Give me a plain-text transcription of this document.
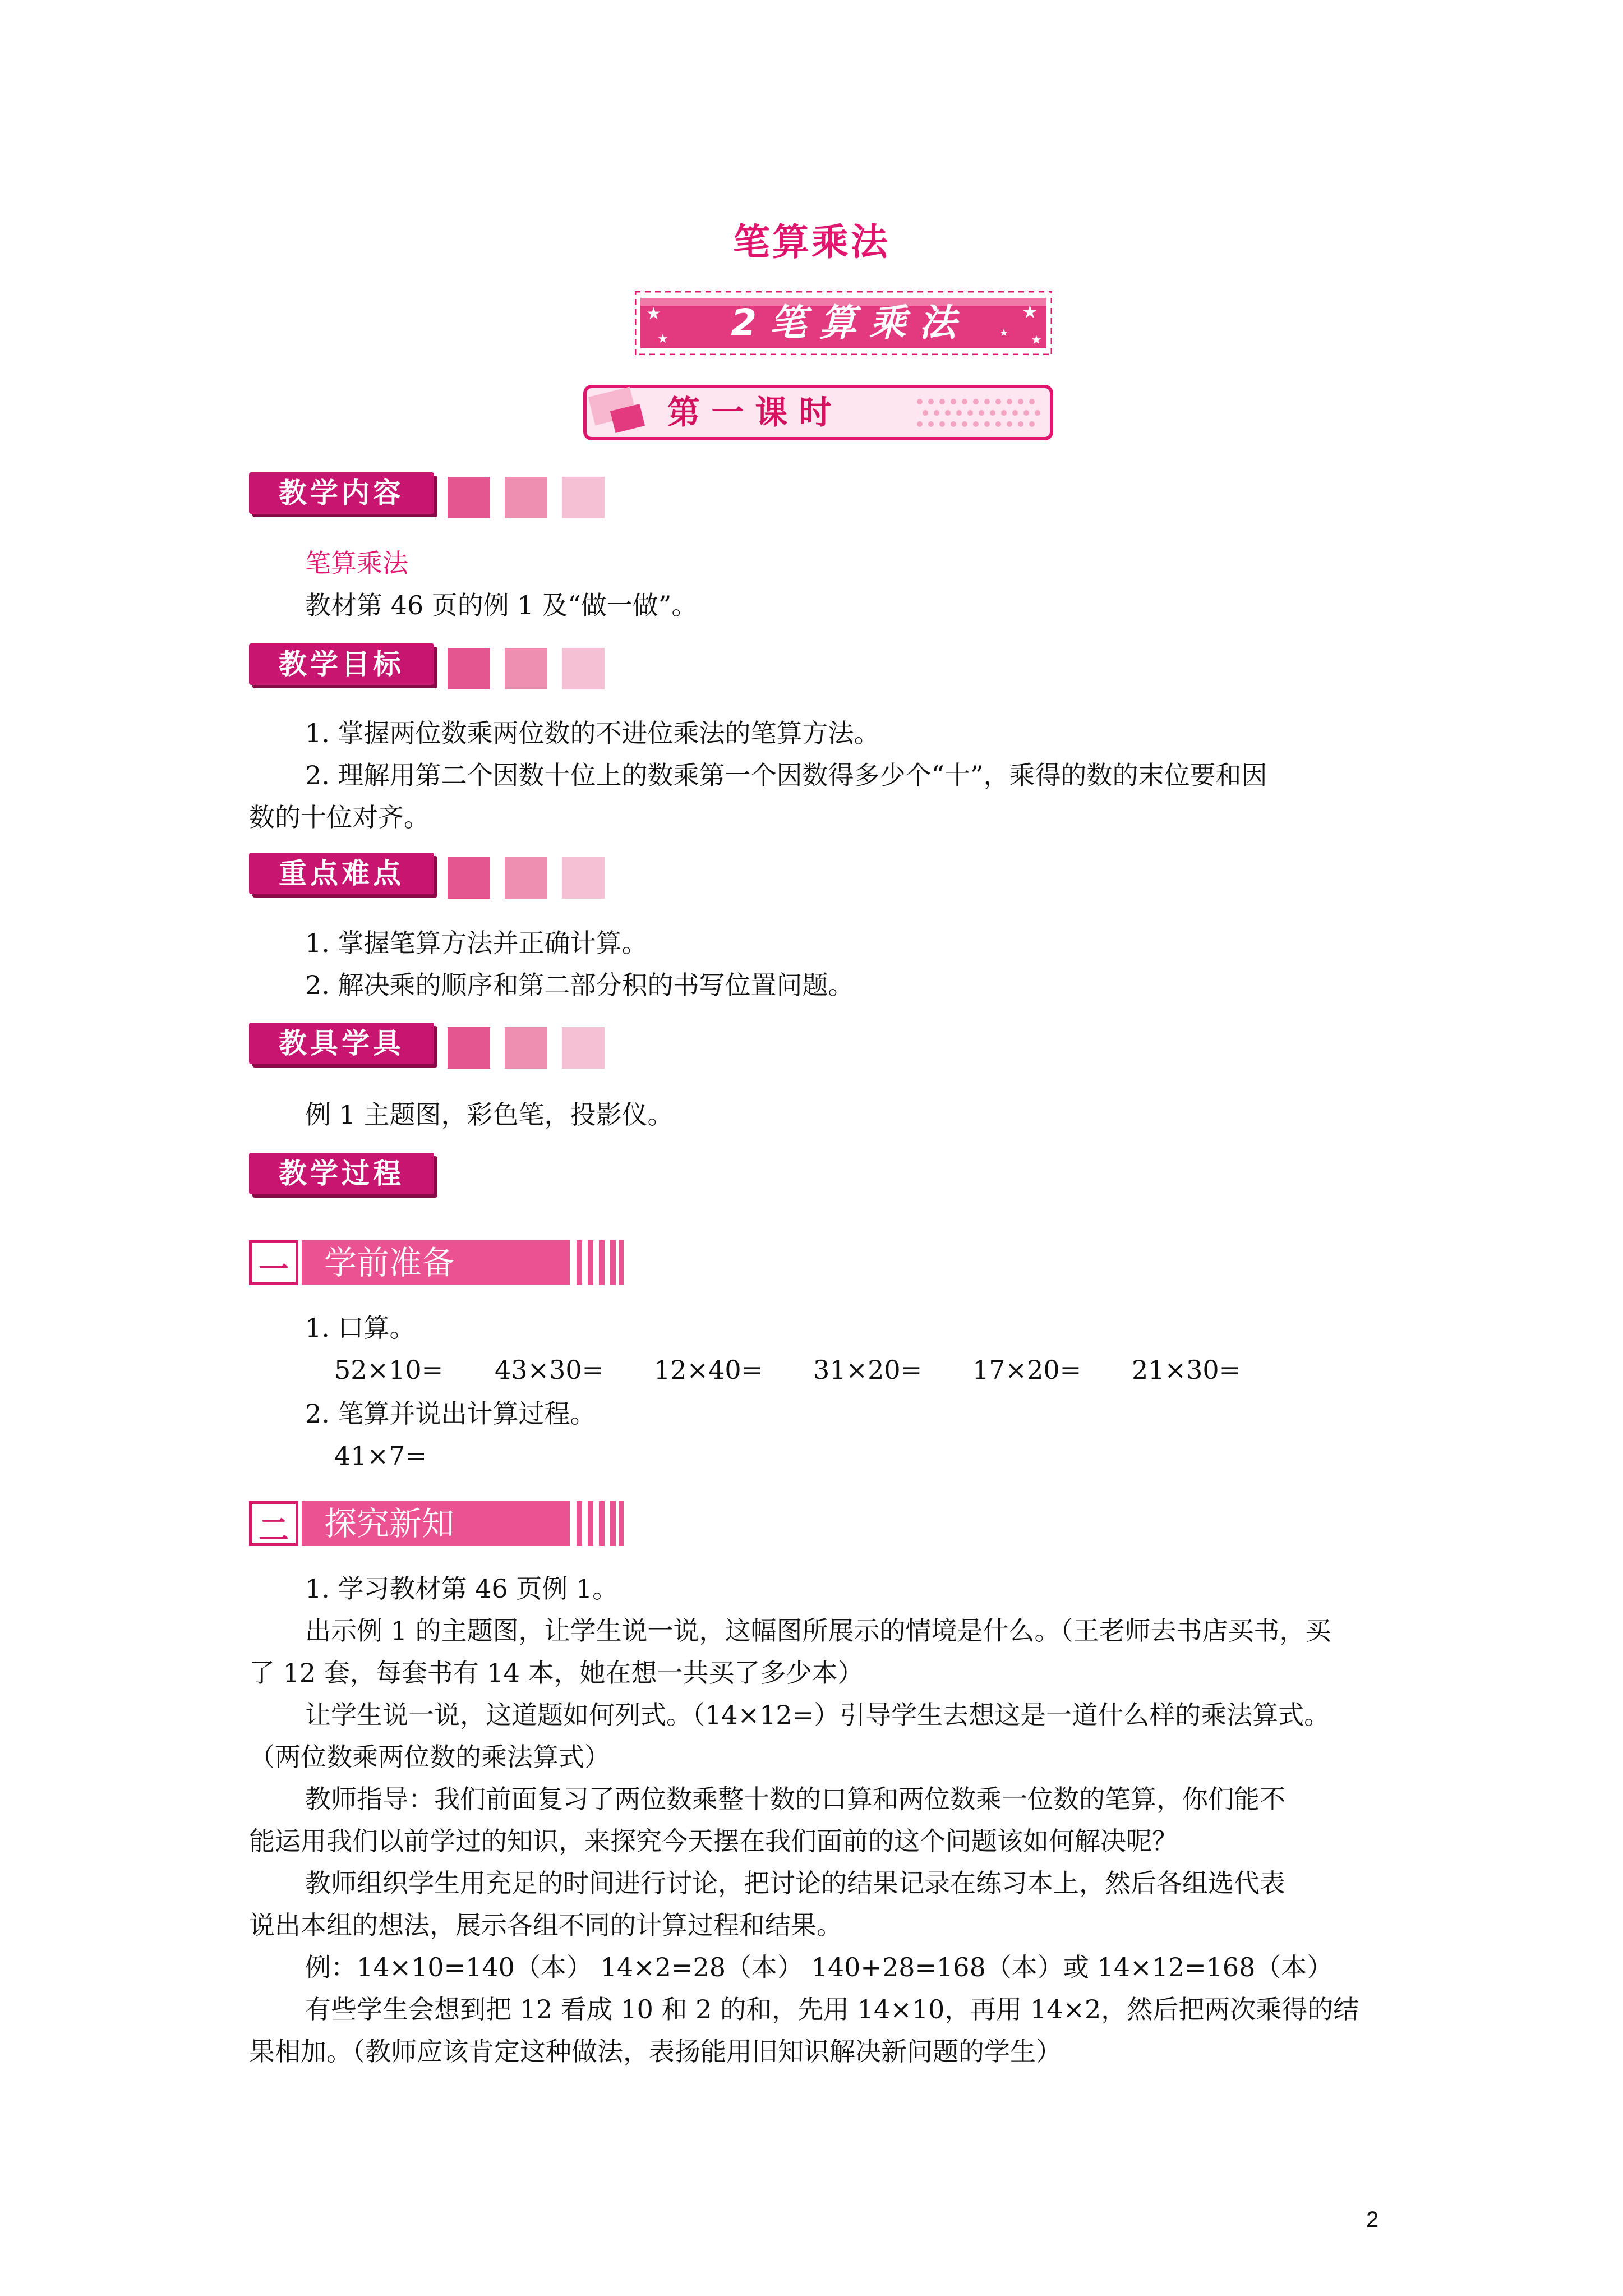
笔算乘法
★
★
★
★
★
2 笔 算 乘 法
第 一 课 时
教学内容
笔算乘法
教材第 46 页的例 1 及“做一做”。
教学目标
1. 掌握两位数乘两位数的不进位乘法的笔算方法。
2. 理解用第二个因数十位上的数乘第一个因数得多少个“十”，乘得的数的末位要和因
数的十位对齐。
重点难点
1. 掌握笔算方法并正确计算。
2. 解决乘的顺序和第二部分积的书写位置问题。
教具学具
例 1 主题图，彩色笔，投影仪。
教学过程
一	学前准备
1. 口算。
52×10= 43×30= 12×40= 31×20= 17×20= 21×30=
2. 笔算并说出计算过程。
41×7=
二	探究新知
1. 学习教材第 46 页例 1。
出示例 1 的主题图，让学生说一说，这幅图所展示的情境是什么。（王老师去书店买书，买
了 12 套，每套书有 14 本，她在想一共买了多少本）
让学生说一说，这道题如何列式。（14×12=）引导学生去想这是一道什么样的乘法算式。
（两位数乘两位数的乘法算式）
教师指导：我们前面复习了两位数乘整十数的口算和两位数乘一位数的笔算，你们能不
能运用我们以前学过的知识，来探究今天摆在我们面前的这个问题该如何解决呢？
教师组织学生用充足的时间进行讨论，把讨论的结果记录在练习本上，然后各组选代表
说出本组的想法，展示各组不同的计算过程和结果。
例：14×10=140（本） 14×2=28（本） 140+28=168（本）或 14×12=168（本）
有些学生会想到把 12 看成 10 和 2 的和，先用 14×10，再用 14×2，然后把两次乘得的结
果相加。（教师应该肯定这种做法，表扬能用旧知识解决新问题的学生）
2
